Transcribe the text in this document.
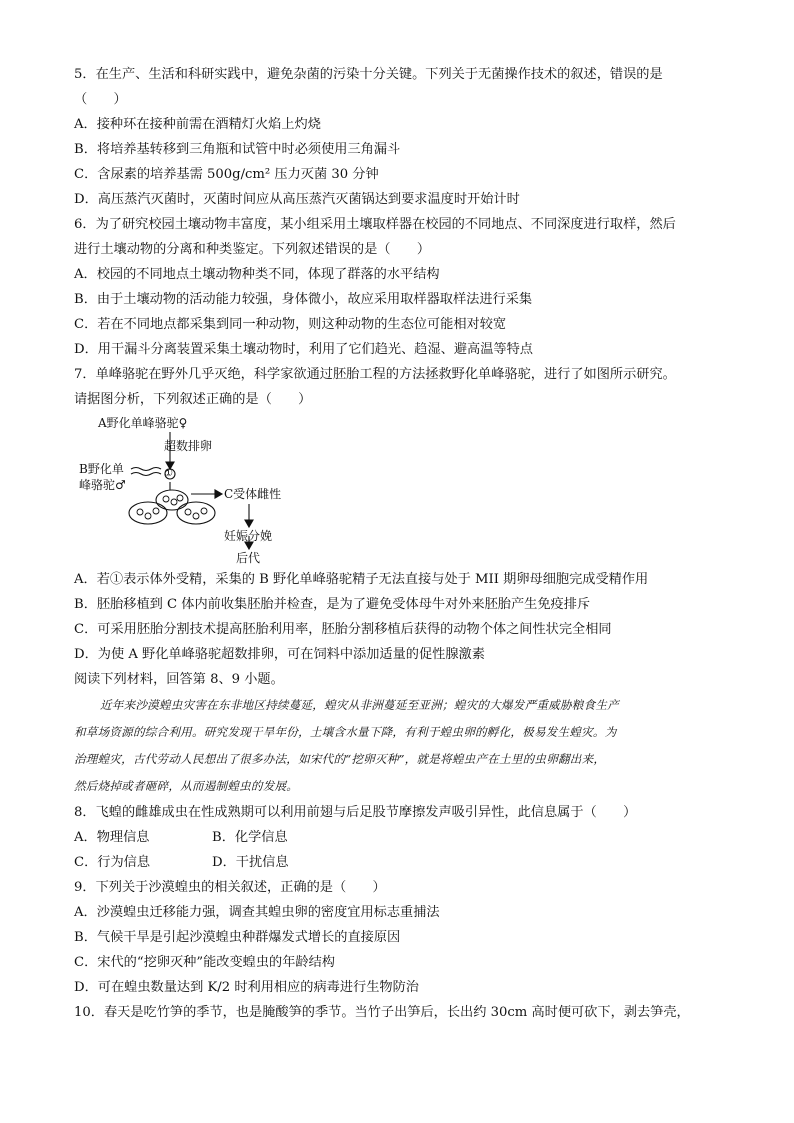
5．在生产、生活和科研实践中，避免杂菌的污染十分关键。下列关于无菌操作技术的叙述，错误的是
（　　）
A．接种环在接种前需在酒精灯火焰上灼烧
B．将培养基转移到三角瓶和试管中时必须使用三角漏斗
C．含尿素的培养基需 500g/cm² 压力灭菌 30 分钟
D．高压蒸汽灭菌时，灭菌时间应从高压蒸汽灭菌锅达到要求温度时开始计时
6．为了研究校园土壤动物丰富度，某小组采用土壤取样器在校园的不同地点、不同深度进行取样，然后
进行土壤动物的分离和种类鉴定。下列叙述错误的是（　　）
A．校园的不同地点土壤动物种类不同，体现了群落的水平结构
B．由于土壤动物的活动能力较强，身体微小，故应采用取样器取样法进行采集
C．若在不同地点都采集到同一种动物，则这种动物的生态位可能相对较宽
D．用干漏斗分离装置采集土壤动物时，利用了它们趋光、趋湿、避高温等特点
7．单峰骆驼在野外几乎灭绝，科学家欲通过胚胎工程的方法拯救野化单峰骆驼，进行了如图所示研究。
请据图分析，下列叙述正确的是（　　）
A野化单峰骆驼♀
超数排卵
B野化单
峰骆驼♂
①
C受体雌性
妊娠分娩
后代
A．若①表示体外受精，采集的 B 野化单峰骆驼精子无法直接与处于 MII 期卵母细胞完成受精作用
B．胚胎移植到 C 体内前收集胚胎并检查，是为了避免受体母牛对外来胚胎产生免疫排斥
C．可采用胚胎分割技术提高胚胎利用率，胚胎分割移植后获得的动物个体之间性状完全相同
D．为使 A 野化单峰骆驼超数排卵，可在饲料中添加适量的促性腺激素
阅读下列材料，回答第 8、9 小题。
近年来沙漠蝗虫灾害在东非地区持续蔓延，蝗灾从非洲蔓延至亚洲；蝗灾的大爆发严重威胁粮食生产
和草场资源的综合利用。研究发现干旱年份，土壤含水量下降，有利于蝗虫卵的孵化，极易发生蝗灾。为
治理蝗灾，古代劳动人民想出了很多办法，如宋代的“挖卵灭种”，就是将蝗虫产在土里的虫卵翻出来，
然后烧掉或者砸碎，从而遏制蝗虫的发展。
8．飞蝗的雌雄成虫在性成熟期可以利用前翅与后足股节摩擦发声吸引异性，此信息属于（　　）
A．物理信息	B．化学信息
C．行为信息	D．干扰信息
9．下列关于沙漠蝗虫的相关叙述，正确的是（　　）
A．沙漠蝗虫迁移能力强，调查其蝗虫卵的密度宜用标志重捕法
B．气候干旱是引起沙漠蝗虫种群爆发式增长的直接原因
C．宋代的“挖卵灭种”能改变蝗虫的年龄结构
D．可在蝗虫数量达到 K/2 时利用相应的病毒进行生物防治
10．春天是吃竹笋的季节，也是腌酸笋的季节。当竹子出笋后，长出约 30cm 高时便可砍下，剥去笋壳，
